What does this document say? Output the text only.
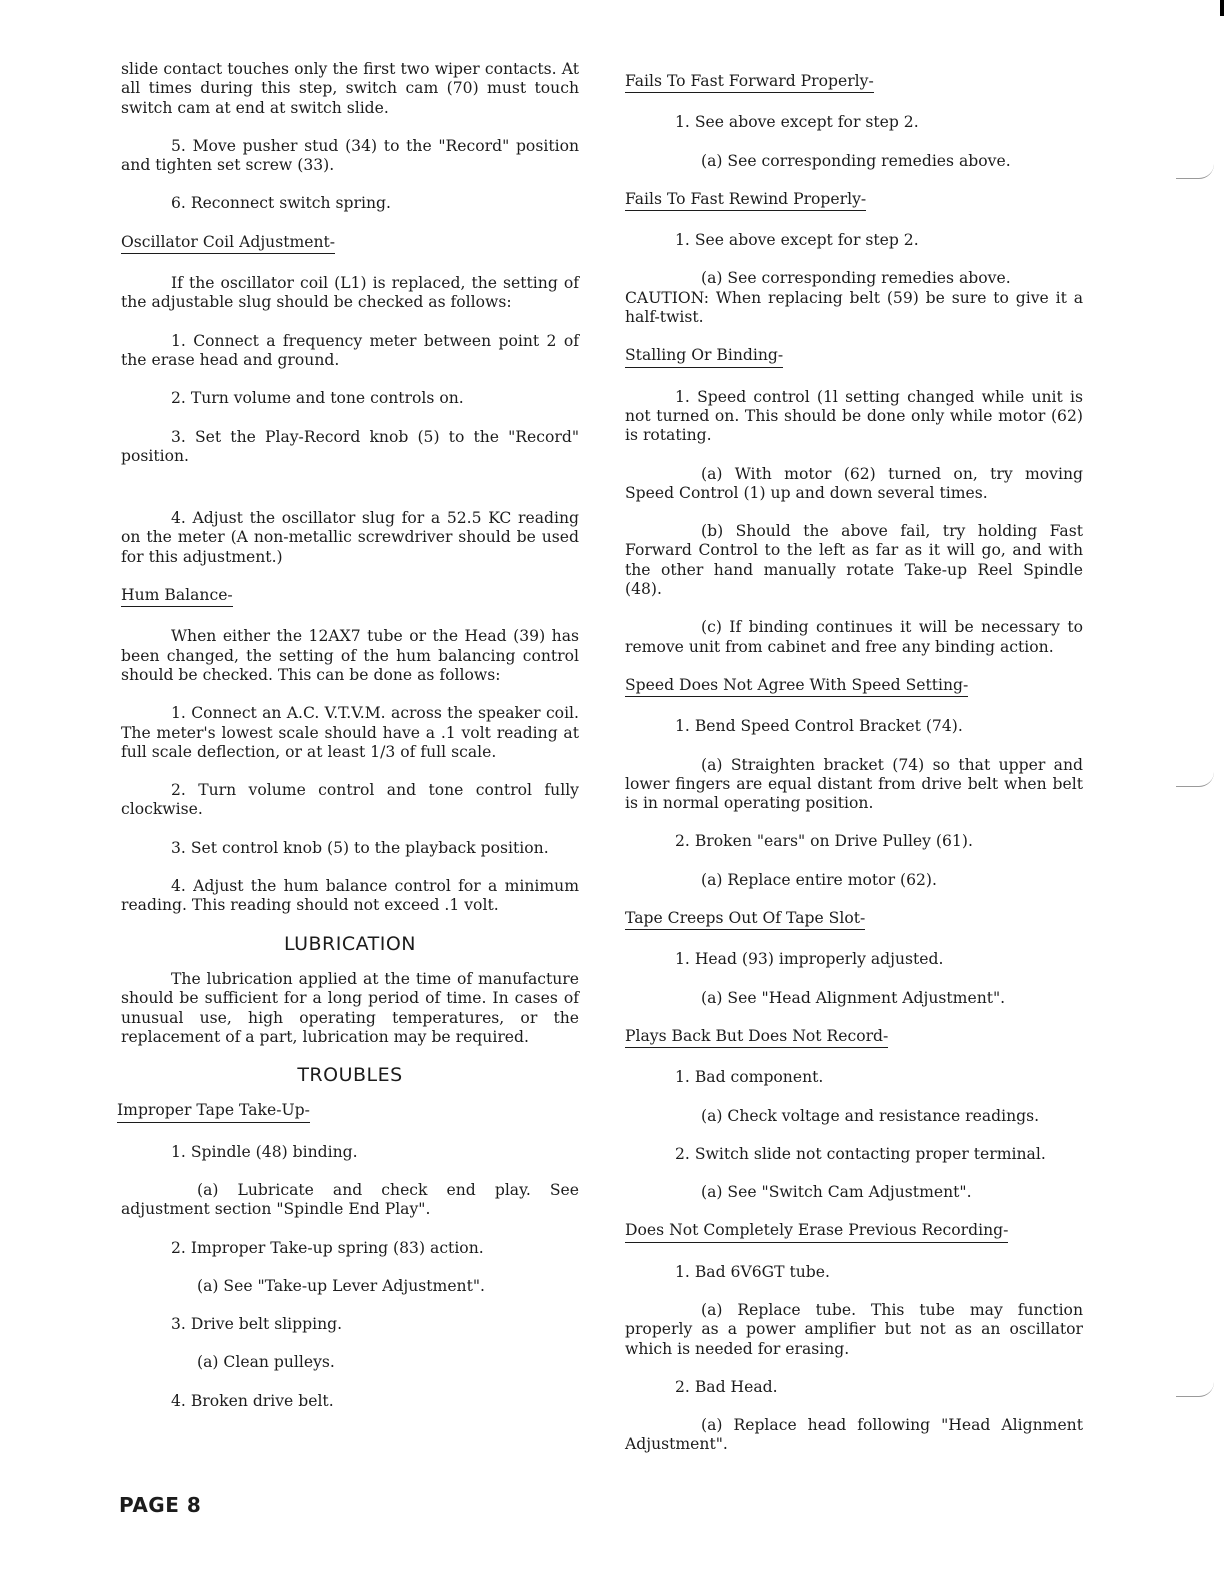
slide contact touches only the first two wiper contacts. At all times during this step, switch cam (70) must touch switch cam at end at switch slide.

5. Move pusher stud (34) to the "Record" position and tighten set screw (33).

6. Reconnect switch spring.

Oscillator Coil Adjustment-

If the oscillator coil (L1) is replaced, the setting of the adjustable slug should be checked as follows:

1. Connect a frequency meter between point 2 of the erase head and ground.

2. Turn volume and tone controls on.

3. Set the Play-Record knob (5) to the "Record" position.

4. Adjust the oscillator slug for a 52.5 KC reading on the meter (A non-metallic screwdriver should be used for this adjustment.)

Hum Balance-

When either the 12AX7 tube or the Head (39) has been changed, the setting of the hum balancing control should be checked. This can be done as follows:

1. Connect an A.C. V.T.V.M. across the speaker coil. The meter's lowest scale should have a .1 volt reading at full scale deflection, or at least 1/3 of full scale.

2. Turn volume control and tone control fully clockwise.

3. Set control knob (5) to the playback position.

4. Adjust the hum balance control for a minimum reading. This reading should not exceed .1 volt.

LUBRICATION

The lubrication applied at the time of manufacture should be sufficient for a long period of time. In cases of unusual use, high operating temperatures, or the replacement of a part, lubrication may be required.

TROUBLES
Improper Tape Take-Up-

1. Spindle (48) binding.

(a) Lubricate and check end play. See adjustment section "Spindle End Play".

2. Improper Take-up spring (83) action.

(a) See "Take-up Lever Adjustment".

3. Drive belt slipping.

(a) Clean pulleys.

4. Broken drive belt.

Fails To Fast Forward Properly-

1. See above except for step 2.

(a) See corresponding remedies above.

Fails To Fast Rewind Properly-

1. See above except for step 2.

(a) See corresponding remedies above.

CAUTION: When replacing belt (59) be sure to give it a half-twist.

Stalling Or Binding-

1. Speed control (1l setting changed while unit is not turned on. This should be done only while motor (62) is rotating.

(a) With motor (62) turned on, try moving Speed Control (1) up and down several times.

(b) Should the above fail, try holding Fast Forward Control to the left as far as it will go, and with the other hand manually rotate Take-up Reel Spindle (48).

(c) If binding continues it will be necessary to remove unit from cabinet and free any binding action.

Speed Does Not Agree With Speed Setting-

1. Bend Speed Control Bracket (74).

(a) Straighten bracket (74) so that upper and lower fingers are equal distant from drive belt when belt is in normal operating position.

2. Broken "ears" on Drive Pulley (61).

(a) Replace entire motor (62).

Tape Creeps Out Of Tape Slot-

1. Head (93) improperly adjusted.

(a) See "Head Alignment Adjustment".

Plays Back But Does Not Record-

1. Bad component.

(a) Check voltage and resistance readings.

2. Switch slide not contacting proper terminal.

(a) See "Switch Cam Adjustment".

Does Not Completely Erase Previous Recording-

1. Bad 6V6GT tube.

(a) Replace tube. This tube may function properly as a power amplifier but not as an oscillator which is needed for erasing.

2. Bad Head.

(a) Replace head following "Head Alignment Adjustment".

PAGE 8
